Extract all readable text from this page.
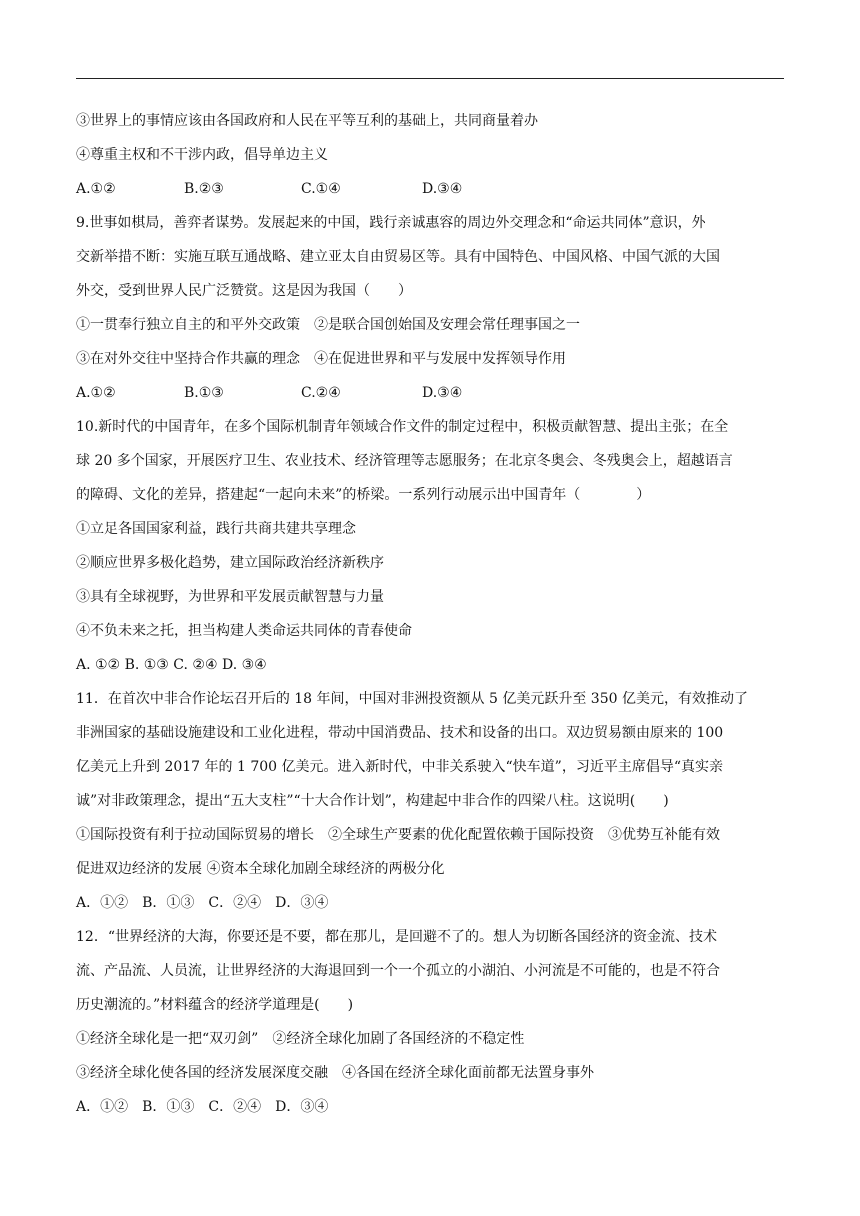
③世界上的事情应该由各国政府和人民在平等互利的基础上，共同商量着办
④尊重主权和不干涉内政，倡导单边主义
A.①②	B.②③	C.①④	D.③④
9.世事如棋局，善弈者谋势。发展起来的中国，践行亲诚惠容的周边外交理念和“命运共同体”意识，外
交新举措不断：实施互联互通战略、建立亚太自由贸易区等。具有中国特色、中国风格、中国气派的大国
外交，受到世界人民广泛赞赏。这是因为我国（　　）
①一贯奉行独立自主的和平外交政策　②是联合国创始国及安理会常任理事国之一
③在对外交往中坚持合作共赢的理念　④在促进世界和平与发展中发挥领导作用
A.①②	B.①③	C.②④	D.③④
10.新时代的中国青年，在多个国际机制青年领域合作文件的制定过程中，积极贡献智慧、提出主张；在全
球 20 多个国家，开展医疗卫生、农业技术、经济管理等志愿服务；在北京冬奥会、冬残奥会上，超越语言
的障碍、文化的差异，搭建起“一起向未来”的桥梁。一系列行动展示出中国青年（　　　　）
①立足各国国家利益，践行共商共建共享理念
②顺应世界多极化趋势，建立国际政治经济新秩序
③具有全球视野，为世界和平发展贡献智慧与力量
④不负未来之托，担当构建人类命运共同体的青春使命
A. ①② B. ①③ C. ②④ D. ③④
11．在首次中非合作论坛召开后的 18 年间，中国对非洲投资额从 5 亿美元跃升至 350 亿美元，有效推动了
非洲国家的基础设施建设和工业化进程，带动中国消费品、技术和设备的出口。双边贸易额由原来的 100
亿美元上升到 2017 年的 1 700 亿美元。进入新时代，中非关系驶入“快车道”，习近平主席倡导“真实亲
诚”对非政策理念，提出“五大支柱”“十大合作计划”，构建起中非合作的四梁八柱。这说明(　　)
①国际投资有利于拉动国际贸易的增长　②全球生产要素的优化配置依赖于国际投资　③优势互补能有效
促进双边经济的发展 ④资本全球化加剧全球经济的两极分化
A．①②　B．①③　C．②④　D．③④
12．“世界经济的大海，你要还是不要，都在那儿，是回避不了的。想人为切断各国经济的资金流、技术
流、产品流、人员流，让世界经济的大海退回到一个一个孤立的小湖泊、小河流是不可能的，也是不符合
历史潮流的。”材料蕴含的经济学道理是(　　)
①经济全球化是一把“双刃剑”　②经济全球化加剧了各国经济的不稳定性
③经济全球化使各国的经济发展深度交融　④各国在经济全球化面前都无法置身事外
A．①②　B．①③　C．②④　D．③④
